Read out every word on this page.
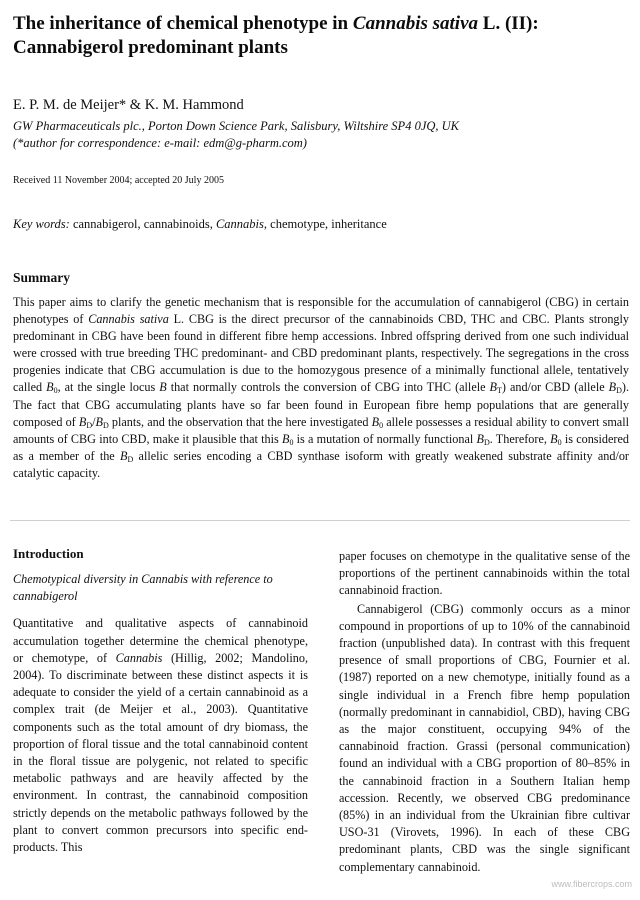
The inheritance of chemical phenotype in Cannabis sativa L. (II): Cannabigerol predominant plants
E. P. M. de Meijer* & K. M. Hammond
GW Pharmaceuticals plc., Porton Down Science Park, Salisbury, Wiltshire SP4 0JQ, UK
(*author for correspondence: e-mail: edm@g-pharm.com)
Received 11 November 2004; accepted 20 July 2005
Key words: cannabigerol, cannabinoids, Cannabis, chemotype, inheritance
Summary

This paper aims to clarify the genetic mechanism that is responsible for the accumulation of cannabigerol (CBG) in certain phenotypes of Cannabis sativa L. CBG is the direct precursor of the cannabinoids CBD, THC and CBC. Plants strongly predominant in CBG have been found in different fibre hemp accessions. Inbred offspring derived from one such individual were crossed with true breeding THC predominant- and CBD predominant plants, respectively. The segregations in the cross progenies indicate that CBG accumulation is due to the homozygous presence of a minimally functional allele, tentatively called $B_0$, at the single locus B that normally controls the conversion of CBG into THC (allele $B_T$) and/or CBD (allele $B_D$). The fact that CBG accumulating plants have so far been found in European fibre hemp populations that are generally composed of $B_D/B_D$ plants, and the observation that the here investigated $B_0$ allele possesses a residual ability to convert small amounts of CBG into CBD, make it plausible that this $B_0$ is a mutation of normally functional $B_D$. Therefore, $B_0$ is considered as a member of the $B_D$ allelic series encoding a CBD synthase isoform with greatly weakened substrate affinity and/or catalytic capacity.

Introduction

Chemotypical diversity in Cannabis with reference to cannabigerol

Quantitative and qualitative aspects of cannabinoid accumulation together determine the chemical phenotype, or chemotype, of Cannabis (Hillig, 2002; Mandolino, 2004). To discriminate between these distinct aspects it is adequate to consider the yield of a certain cannabinoid as a complex trait (de Meijer et al., 2003). Quantitative components such as the total amount of dry biomass, the proportion of floral tissue and the total cannabinoid content in the floral tissue are polygenic, not related to specific metabolic pathways and are heavily affected by the environment. In contrast, the cannabinoid composition strictly depends on the metabolic pathways followed by the plant to convert common precursors into specific end-products. This

paper focuses on chemotype in the qualitative sense of the proportions of the pertinent cannabinoids within the total cannabinoid fraction.

Cannabigerol (CBG) commonly occurs as a minor compound in proportions of up to 10% of the cannabinoid fraction (unpublished data). In contrast with this frequent presence of small proportions of CBG, Fournier et al. (1987) reported on a new chemotype, initially found as a single individual in a French fibre hemp population (normally predominant in cannabidiol, CBD), having CBG as the major constituent, occupying 94% of the cannabinoid fraction. Grassi (personal communication) found an individual with a CBG proportion of 80–85% in the cannabinoid fraction in a Southern Italian hemp accession. Recently, we observed CBG predominance (85%) in an individual from the Ukrainian fibre cultivar USO-31 (Virovets, 1996). In each of these CBG predominant plants, CBD was the single significant complementary cannabinoid.

www.fibercrops.com
